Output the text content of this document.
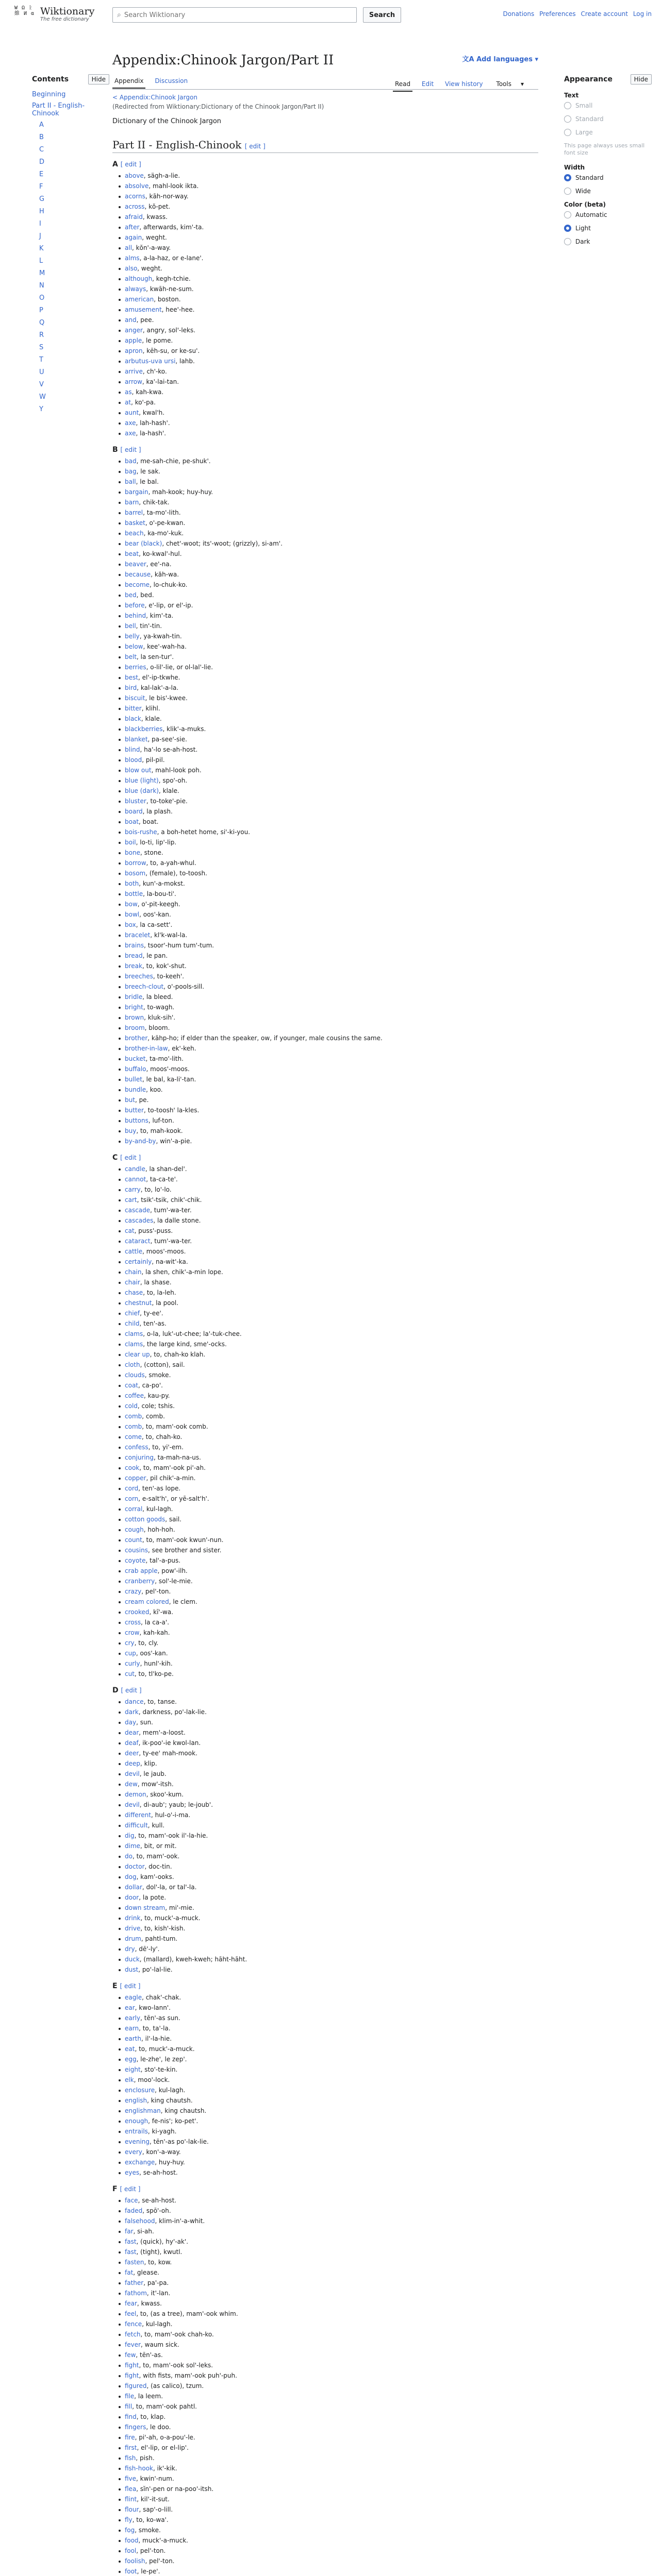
W Ω ᚱ
維 И α Wiktionary
The free dictionary	⌕
Search Wiktionary	Search	Donations Preferences Create account Log in
Contents	Hide
Beginning
Part II - English-Chinook
A
B
C
D
E
F
G
H
I
J
K
L
M
N
O
P
Q
R
S
T
U
V
W
Y
Appendix:Chinook Jargon/Part II	文A Add languages ▾
Appendix Discussion	Read Edit View history Tools▾
< Appendix:Chinook Jargon
(Redirected from Wiktionary:Dictionary of the Chinook Jargon/Part II)

Dictionary of the Chinook Jargon

Part II - English-Chinook [ edit ]
A [ edit ]
above, sägh-a-lie.
absolve, mahl-look ikta.
acorns, kāh-nor-way.
across, kŏ-pet.
afraid, kwass.
after, afterwards, kim'-ta.
again, weght.
all, kŏn'-a-way.
alms, a-la-haz, or e-lane'.
also, weght.
although, kegh-tchie.
always, kwāh-ne-sum.
american, boston.
amusement, hee'-hee.
and, pee.
anger, angry, sol'-leks.
apple, le pome.
apron, kēh-su, or ke-su'.
arbutus-uva ursi, lahb.
arrive, ch'-ko.
arrow, ka'-lai-tan.
as, kah-kwa.
at, ko'-pa.
aunt, kwal'h.
axe, lah-hash'.
axe, la-hash'.
B [ edit ]
bad, me-sah-chie, pe-shuk'.
bag, le sak.
ball, le bal.
bargain, mah-kook; huy-huy.
barn, chik-tak.
barrel, ta-mo'-lith.
basket, o'-pe-kwan.
beach, ka-mo'-kuk.
bear (black), chet'-woot; its'-woot; (grizzly), si-am'.
beat, ko-kwal'-hul.
beaver, ee'-na.
because, kăh-wa.
become, lo-chuk-ko.
bed, bed.
before, e'-lip, or el'-ip.
behind, kim'-ta.
bell, tin'-tin.
belly, ya-kwah-tin.
below, kee'-wah-ha.
belt, la sen-tur'.
berries, o-lil'-lie, or ol-lal'-lie.
best, el'-ip-tkwhe.
bird, kal-lak'-a-la.
biscuit, le bis'-kwee.
bitter, klihl.
black, klale.
blackberries, klik'-a-muks.
blanket, pa-see'-sie.
blind, ha'-lo se-ah-host.
blood, pil-pil.
blow out, mahl-look poh.
blue (light), spo'-oh.
blue (dark), klale.
bluster, to-toke'-pie.
board, la plash.
boat, boat.
bois-rushe, a boh-hetet home, si'-ki-you.
boil, lo-ti, lip'-lip.
bone, stone.
borrow, to, a-yah-whul.
bosom, (female), to-toosh.
both, kun'-a-mokst.
bottle, la-bou-ti'.
bow, o'-pit-keegh.
bowl, oos'-kan.
box, la ca-sett'.
bracelet, kl'k-wal-la.
brains, tsoor'-hum tum'-tum.
bread, le pan.
break, to, kok'-shut.
breeches, to-keeh'.
breech-clout, o'-pools-sill.
bridle, la bleed.
bright, to-wagh.
brown, kluk-sih'.
broom, bloom.
brother, kāhp-ho; if elder than the speaker, ow, if younger, male cousins the same.
brother-in-law, ek'-keh.
bucket, ta-mo'-lith.
buffalo, moos'-moos.
bullet, le bal, ka-li'-tan.
bundle, koo.
but, pe.
butter, to-toosh' la-kles.
buttons, luf-ton.
buy, to, mah-kook.
by-and-by, win'-a-pie.
C [ edit ]
candle, la shan-del'.
cannot, ta-ca-te'.
carry, to, lo'-lo.
cart, tsik'-tsik, chik'-chik.
cascade, tum'-wa-ter.
cascades, la dalle stone.
cat, puss'-puss.
cataract, tum'-wa-ter.
cattle, moos'-moos.
certainly, na-wit'-ka.
chain, la shen, chik'-a-min lope.
chair, la shase.
chase, to, la-leh.
chestnut, la pool.
chief, ty-ee'.
child, ten'-as.
clams, o-la, luk'-ut-chee; la'-tuk-chee.
clams, the large kind, sme'-ocks.
clear up, to, chah-ko klah.
cloth, (cotton), sail.
clouds, smoke.
coat, ca-po'.
coffee, kau-py.
cold, cole; tshis.
comb, comb.
comb, to, mam'-ook comb.
come, to, chah-ko.
confess, to, yi'-em.
conjuring, ta-mah-na-us.
cook, to, mam'-ook pi'-ah.
copper, pil chik'-a-min.
cord, ten'-as lope.
corn, e-salt'h', or yē-salt'h'.
corral, kul-lagh.
cotton goods, sail.
cough, hoh-hoh.
count, to, mam'-ook kwun'-nun.
cousins, see brother and sister.
coyote, tal'-a-pus.
crab apple, pow'-ilh.
cranberry, sol'-le-mie.
crazy, pel'-ton.
cream colored, le clem.
crooked, kī'-wa.
cross, la ca-a'.
crow, kah-kah.
cry, to, cly.
cup, oos'-kan.
curly, hunl'-kih.
cut, to, tl'ko-pe.
D [ edit ]
dance, to, tanse.
dark, darkness, po'-lak-lie.
day, sun.
dear, mem'-a-loost.
deaf, ik-poo'-ie kwol-lan.
deer, ty-ee' mah-mook.
deep, klip.
devil, le jaub.
dew, mow'-itsh.
demon, skoo'-kum.
devil, di-aub'; yaub; le-joub'.
different, hul-o'-i-ma.
difficult, kull.
dig, to, mam'-ook il'-la-hie.
dime, bit, or mit.
do, to, mam'-ook.
doctor, doc-tin.
dog, kam'-ooks.
dollar, dol'-la, or tal'-la.
door, la pote.
down stream, mi'-mie.
drink, to, muck'-a-muck.
drive, to, kish'-kish.
drum, pahtl-tum.
dry, dē'-ly'.
duck, (mallard), kweh-kweh; hāht-hāht.
dust, po'-lal-lie.
E [ edit ]
eagle, chak'-chak.
ear, kwo-lann'.
early, tēn'-as sun.
earn, to, ta'-la.
earth, il'-la-hie.
eat, to, muck'-a-muck.
egg, le-zhe', le zep'.
eight, sto'-te-kin.
elk, moo'-lock.
enclosure, kul-lagh.
english, king chautsh.
englishman, king chautsh.
enough, fe-nis'; ko-pet'.
entrails, ki-yagh.
evening, tēn'-as po'-lak-lie.
every, kon'-a-way.
exchange, huy-huy.
eyes, se-ah-host.
F [ edit ]
face, se-ah-host.
faded, spō'-oh.
falsehood, klim-in'-a-whit.
far, si-ah.
fast, (quick), hy'-ak'.
fast, (tight), kwutl.
fasten, to, kow.
fat, glease.
father, pa'-pa.
fathom, it'-lan.
fear, kwass.
feel, to, (as a tree), mam'-ook whim.
fence, kul-lagh.
fetch, to, mam'-ook chah-ko.
fever, waum sick.
few, tēn'-as.
fight, to, mam'-ook sol'-leks.
fight, with fists, mam'-ook puh'-puh.
figured, (as calico), tzum.
file, la leem.
fill, to, mam'-ook pahtl.
find, to, klap.
fingers, le doo.
fire, pi'-ah, o-a-pou'-le.
first, el'-lip, or el-lip'.
fish, pish.
fish-hook, ik'-kik.
five, kwin'-num.
flea, sĭn'-pen or na-poo'-itsh.
flint, kil'-it-sut.
flour, sap'-o-lill.
fly, to, ko-wa'.
fog, smoke.
food, muck'-a-muck.
fool, pel'-ton.
foolish, pel'-ton.
foot, le-pe'.
Appearance	Hide
Text
Small
Standard
Large
This page always uses small font size
Width
Standard
Wide
Color (beta)
Automatic
Light
Dark
